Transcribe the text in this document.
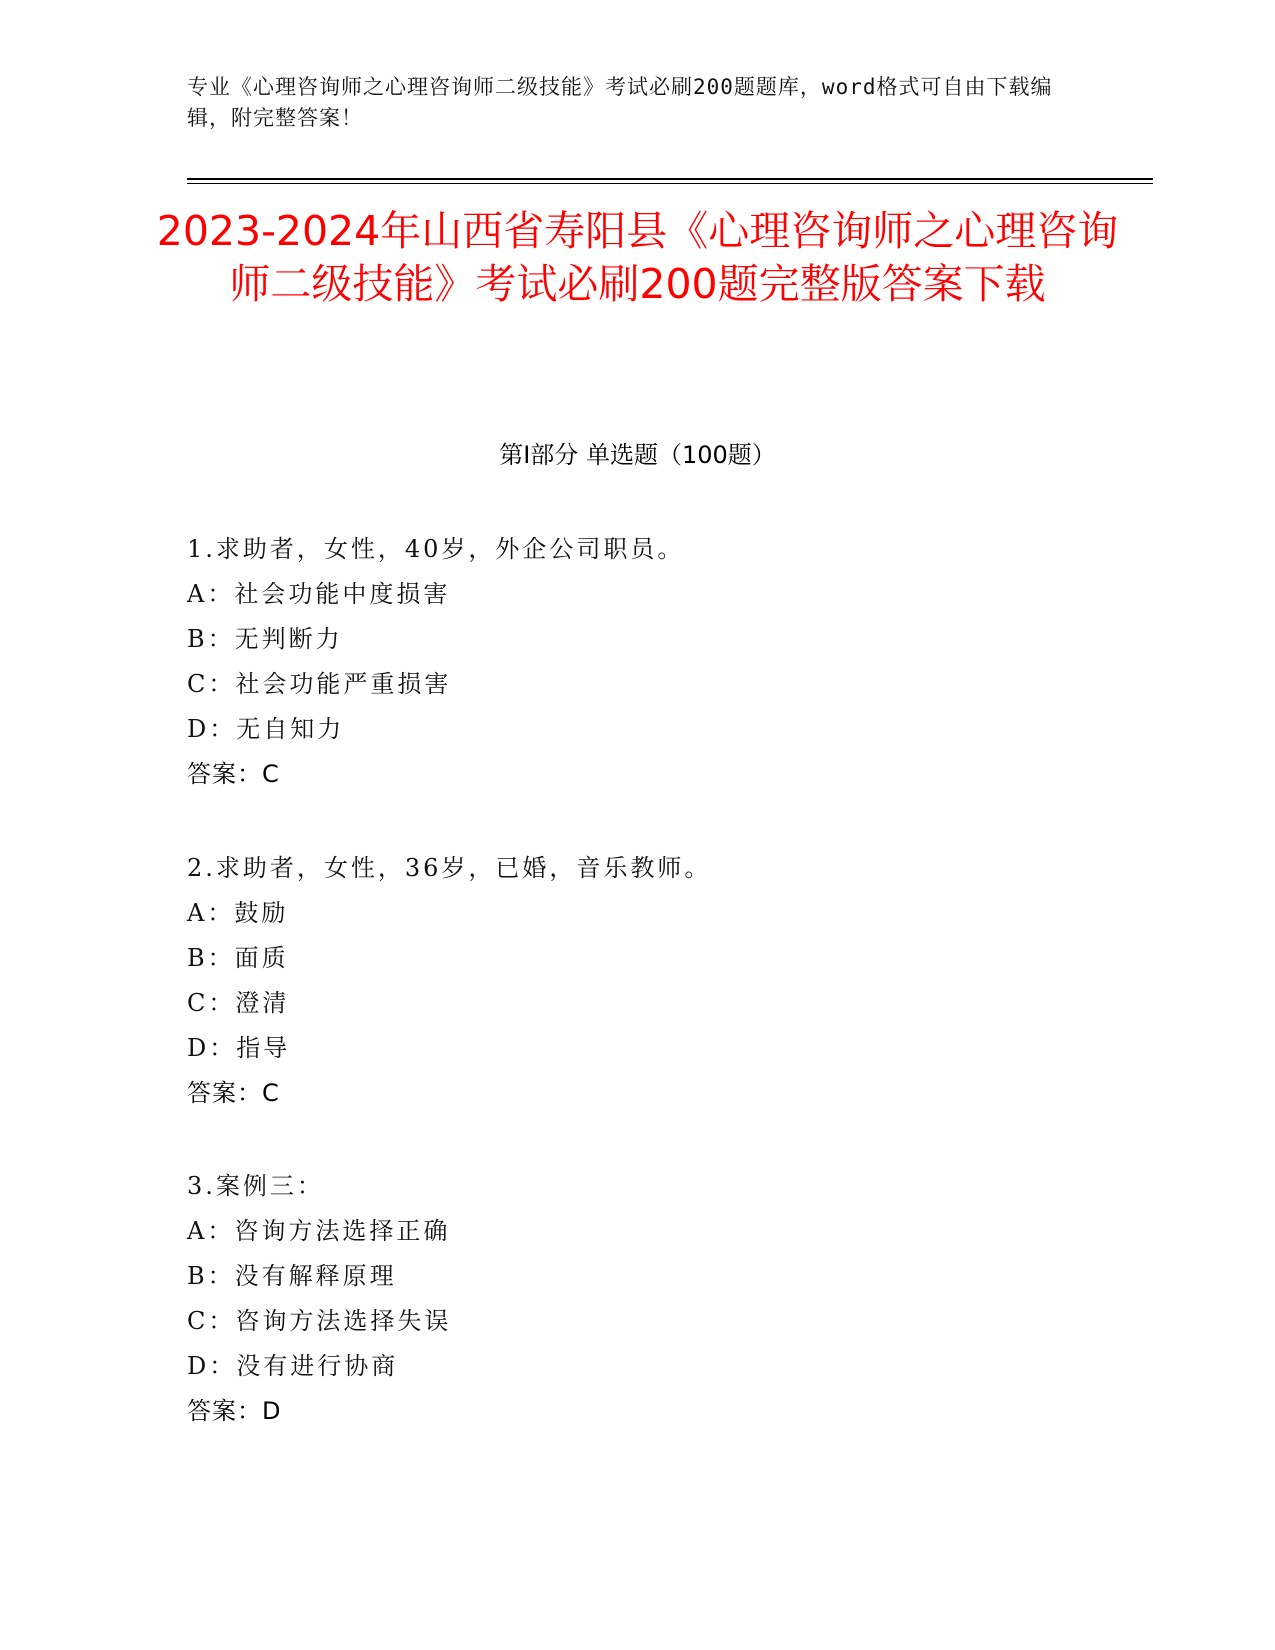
专业《心理咨询师之心理咨询师二级技能》考试必刷200题题库，word格式可自由下载编辑，附完整答案！
2023-2024年山西省寿阳县《心理咨询师之心理咨询师二级技能》考试必刷200题完整版答案下载
第Ⅰ部分 单选题（100题）
1.求助者，女性，40岁，外企公司职员。
A：社会功能中度损害
B：无判断力
C：社会功能严重损害
D：无自知力
答案：C
2.求助者，女性，36岁，已婚，音乐教师。
A：鼓励
B：面质
C：澄清
D：指导
答案：C
3.案例三：
A：咨询方法选择正确
B：没有解释原理
C：咨询方法选择失误
D：没有进行协商
答案：D
